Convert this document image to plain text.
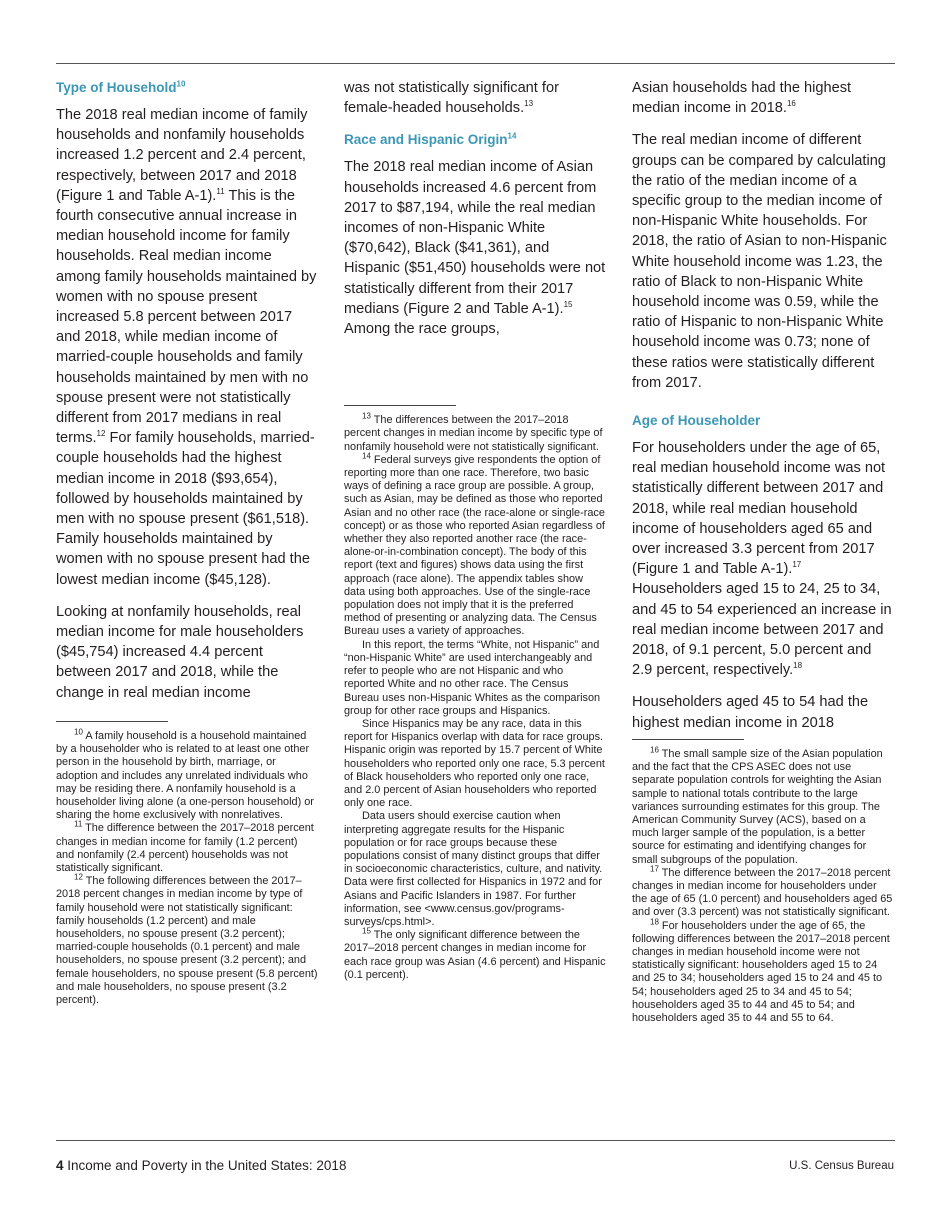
Type of Household$^{10}$

The 2018 real median income of family households and nonfamily households increased 1.2 percent and 2.4 percent, respectively, between 2017 and 2018 (Figure 1 and Table A-1).$^{11}$ This is the fourth consecutive annual increase in median household income for family households. Real median income among family households maintained by women with no spouse present increased 5.8 percent between 2017 and 2018, while median income of married-couple households and family households maintained by men with no spouse present were not statistically different from 2017 medians in real terms.$^{12}$ For family households, married-couple households had the highest median income in 2018 ($93,654), followed by households maintained by men with no spouse present ($61,518). Family households maintained by women with no spouse present had the lowest median income ($45,128).

Looking at nonfamily households, real median income for male householders ($45,754) increased 4.4 percent between 2017 and 2018, while the change in real median income

$^{10}$ A family household is a household maintained by a householder who is related to at least one other person in the household by birth, marriage, or adoption and includes any unrelated individuals who may be residing there. A nonfamily household is a householder living alone (a one-person household) or sharing the home exclusively with nonrelatives.

$^{11}$ The difference between the 2017–2018 percent changes in median income for family (1.2 percent) and nonfamily (2.4 percent) households was not statistically significant.

$^{12}$ The following differences between the 2017–2018 percent changes in median income by type of family household were not statistically significant: family households (1.2 percent) and male householders, no spouse present (3.2 percent); married-couple households (0.1 percent) and male householders, no spouse present (3.2 percent); and female householders, no spouse present (5.8 percent) and male householders, no spouse present (3.2 percent).

was not statistically significant for female-headed households.$^{13}$

Race and Hispanic Origin$^{14}$

The 2018 real median income of Asian households increased 4.6 percent from 2017 to $87,194, while the real median incomes of non-Hispanic White ($70,642), Black ($41,361), and Hispanic ($51,450) households were not statistically different from their 2017 medians (Figure 2 and Table A-1).$^{15}$ Among the race groups,

$^{13}$ The differences between the 2017–2018 percent changes in median income by specific type of nonfamily household were not statistically significant.

$^{14}$ Federal surveys give respondents the option of reporting more than one race. Therefore, two basic ways of defining a race group are possible. A group, such as Asian, may be defined as those who reported Asian and no other race (the race-alone or single-race concept) or as those who reported Asian regardless of whether they also reported another race (the race-alone-or-in-combination concept). The body of this report (text and figures) shows data using the first approach (race alone). The appendix tables show data using both approaches. Use of the single-race population does not imply that it is the preferred method of presenting or analyzing data. The Census Bureau uses a variety of approaches.

In this report, the terms “White, not Hispanic” and “non-Hispanic White” are used interchangeably and refer to people who are not Hispanic and who reported White and no other race. The Census Bureau uses non-Hispanic Whites as the comparison group for other race groups and Hispanics.

Since Hispanics may be any race, data in this report for Hispanics overlap with data for race groups. Hispanic origin was reported by 15.7 percent of White householders who reported only one race, 5.3 percent of Black householders who reported only one race, and 2.0 percent of Asian householders who reported only one race.

Data users should exercise caution when interpreting aggregate results for the Hispanic population or for race groups because these populations consist of many distinct groups that differ in socioeconomic characteristics, culture, and nativity. Data were first collected for Hispanics in 1972 and for Asians and Pacific Islanders in 1987. For further information, see <www.census.gov/programs-surveys/cps.html>.

$^{15}$ The only significant difference between the 2017–2018 percent changes in median income for each race group was Asian (4.6 percent) and Hispanic (0.1 percent).

Asian households had the highest median income in 2018.16

The real median income of different groups can be compared by calculating the ratio of the median income of a specific group to the median income of non-Hispanic White households. For 2018, the ratio of Asian to non-Hispanic White household income was 1.23, the ratio of Black to non-Hispanic White household income was 0.59, while the ratio of Hispanic to non-Hispanic White household income was 0.73; none of these ratios were statistically different from 2017.

Age of Householder

For householders under the age of 65, real median household income was not statistically different between 2017 and 2018, while real median household income of householders aged 65 and over increased 3.3 percent from 2017 (Figure 1 and Table A-1).$^{17}$ Householders aged 15 to 24, 25 to 34, and 45 to 54 experienced an increase in real median income between 2017 and 2018, of 9.1 percent, 5.0 percent and 2.9 percent, respectively.$^{18}$

Householders aged 45 to 54 had the highest median income in 2018

$^{16}$ The small sample size of the Asian population and the fact that the CPS ASEC does not use separate population controls for weighting the Asian sample to national totals contribute to the large variances surrounding estimates for this group. The American Community Survey (ACS), based on a much larger sample of the population, is a better source for estimating and identifying changes for small subgroups of the population.

$^{17}$ The difference between the 2017–2018 percent changes in median income for householders under the age of 65 (1.0 percent) and householders aged 65 and over (3.3 percent) was not statistically significant.

$^{18}$ For householders under the age of 65, the following differences between the 2017–2018 percent changes in median household income were not statistically significant: householders aged 15 to 24 and 25 to 34; householders aged 15 to 24 and 45 to 54; householders aged 25 to 34 and 45 to 54; householders aged 35 to 44 and 45 to 54; and householders aged 35 to 44 and 55 to 64.

4 Income and Poverty in the United States: 2018	U.S. Census Bureau
